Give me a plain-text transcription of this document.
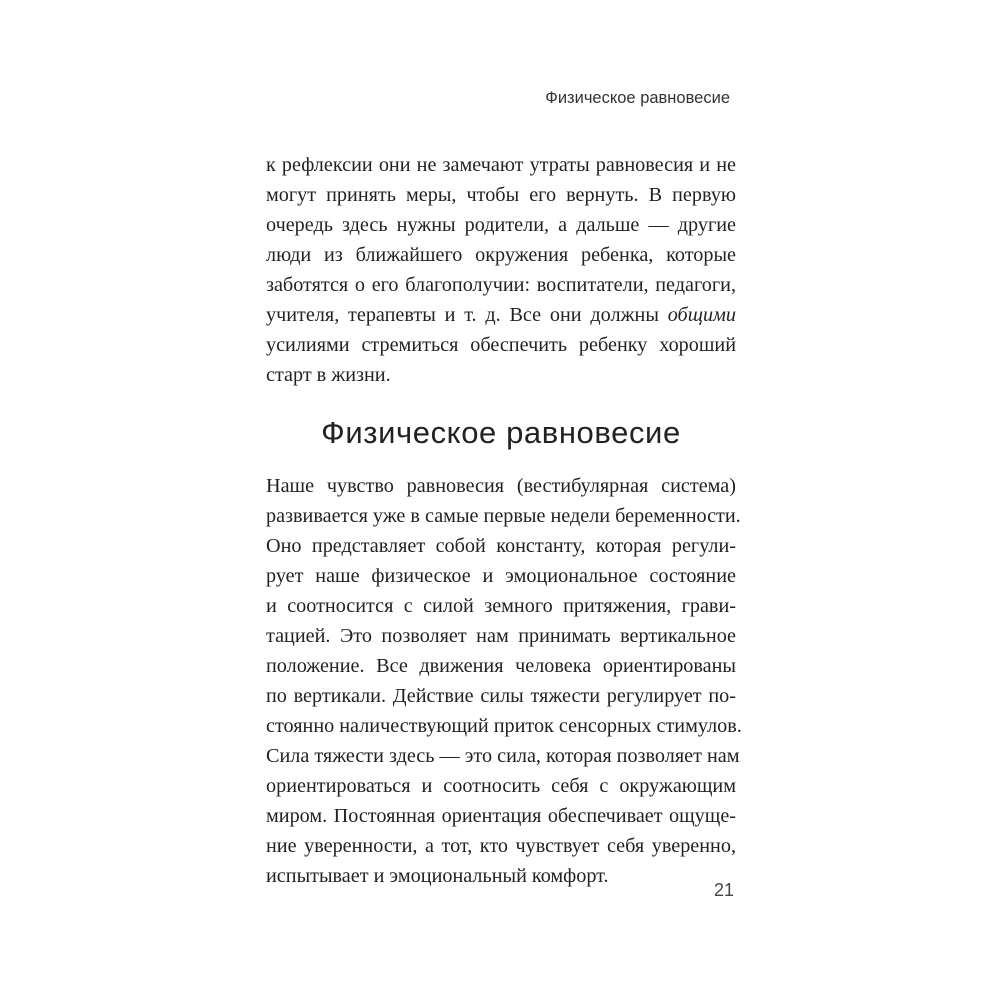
Физическое равновесие
к рефлексии они не замечают утраты равновесия и не
могут принять меры, чтобы его вернуть. В первую
очередь здесь нужны родители, а дальше — другие
люди из ближайшего окружения ребенка, которые
заботятся о его благополучии: воспитатели, педагоги,
учителя, терапевты и т. д. Все они должны общими
усилиями стремиться обеспечить ребенку хороший
старт в жизни.
Физическое равновесие
Наше чувство равновесия (вестибулярная система)
развивается уже в самые первые недели беременности.
Оно представляет собой константу, которая регули-
рует наше физическое и эмоциональное состояние
и соотносится с силой земного притяжения, грави-
тацией. Это позволяет нам принимать вертикальное
положение. Все движения человека ориентированы
по вертикали. Действие силы тяжести регулирует по-
стоянно наличествующий приток сенсорных стимулов.
Сила тяжести здесь — это сила, которая позволяет нам
ориентироваться и соотносить себя с окружающим
миром. Постоянная ориентация обеспечивает ощуще-
ние уверенности, а тот, кто чувствует себя уверенно,
испытывает и эмоциональный комфорт.
21
